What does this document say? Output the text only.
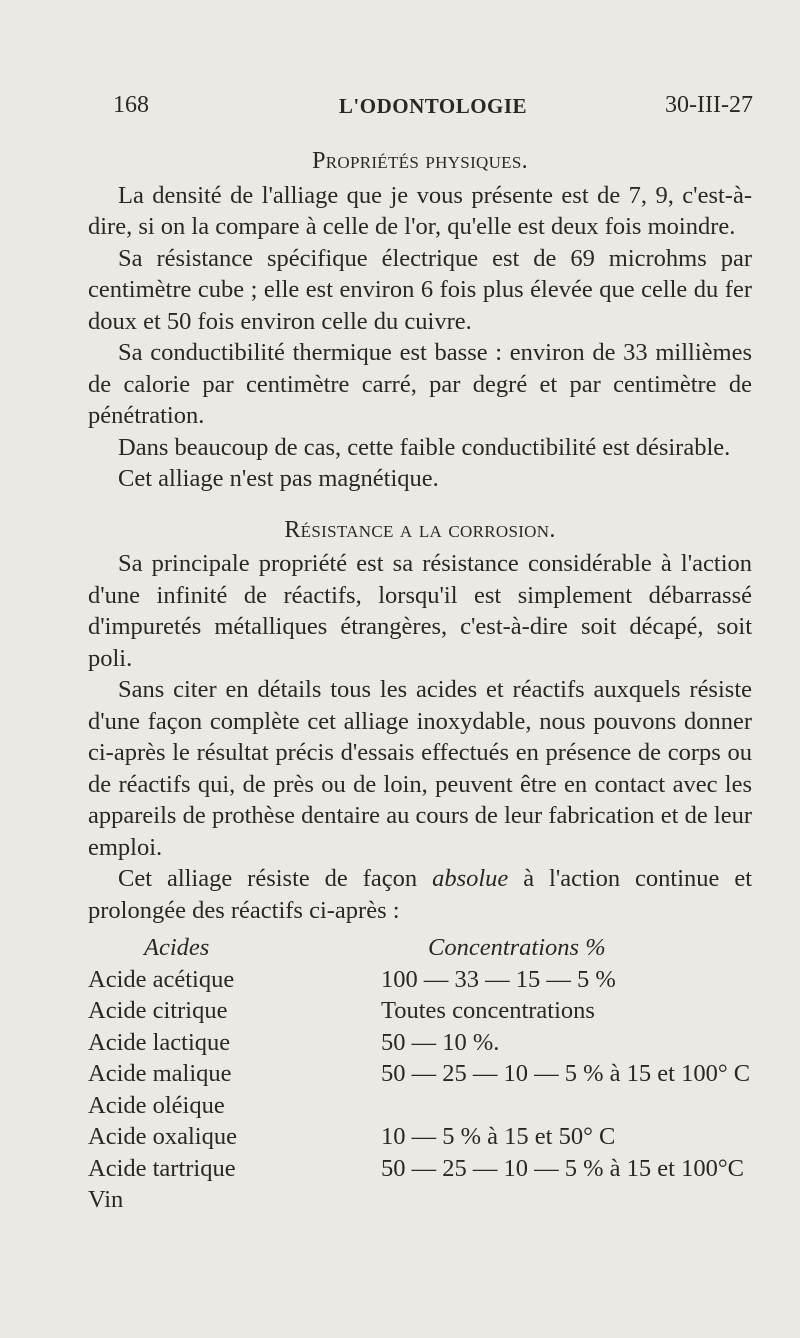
168	L'ODONTOLOGIE	30-III-27
Propriétés physiques.

La densité de l'alliage que je vous présente est de 7, 9, c'est-à-dire, si on la compare à celle de l'or, qu'elle est deux fois moindre.

Sa résistance spécifique électrique est de 69 microhms par centimètre cube ; elle est environ 6 fois plus élevée que celle du fer doux et 50 fois environ celle du cuivre.

Sa conductibilité thermique est basse : environ de 33 millièmes de calorie par centimètre carré, par degré et par centimètre de pénétration.

Dans beaucoup de cas, cette faible conductibilité est désirable.

Cet alliage n'est pas magnétique.

Résistance a la corrosion.

Sa principale propriété est sa résistance considérable à l'action d'une infinité de réactifs, lorsqu'il est simplement débarrassé d'impuretés métalliques étrangères, c'est-à-dire soit décapé, soit poli.

Sans citer en détails tous les acides et réactifs auxquels résiste d'une façon complète cet alliage inoxydable, nous pouvons donner ci-après le résultat précis d'essais effectués en présence de corps ou de réactifs qui, de près ou de loin, peuvent être en contact avec les appareils de prothèse dentaire au cours de leur fabrication et de leur emploi.

Cet alliage résiste de façon absolue à l'action continue et prolongée des réactifs ci-après :

Acides	Concentrations %
Acide acétique	100 — 33 — 15 — 5 %
Acide citrique	Toutes concentrations
Acide lactique	50 — 10 %.
Acide malique	50 — 25 — 10 — 5 % à 15 et 100° C
Acide oléique
Acide oxalique	10 — 5 % à 15 et 50° C
Acide tartrique	50 — 25 — 10 — 5 % à 15 et 100°C
Vin
